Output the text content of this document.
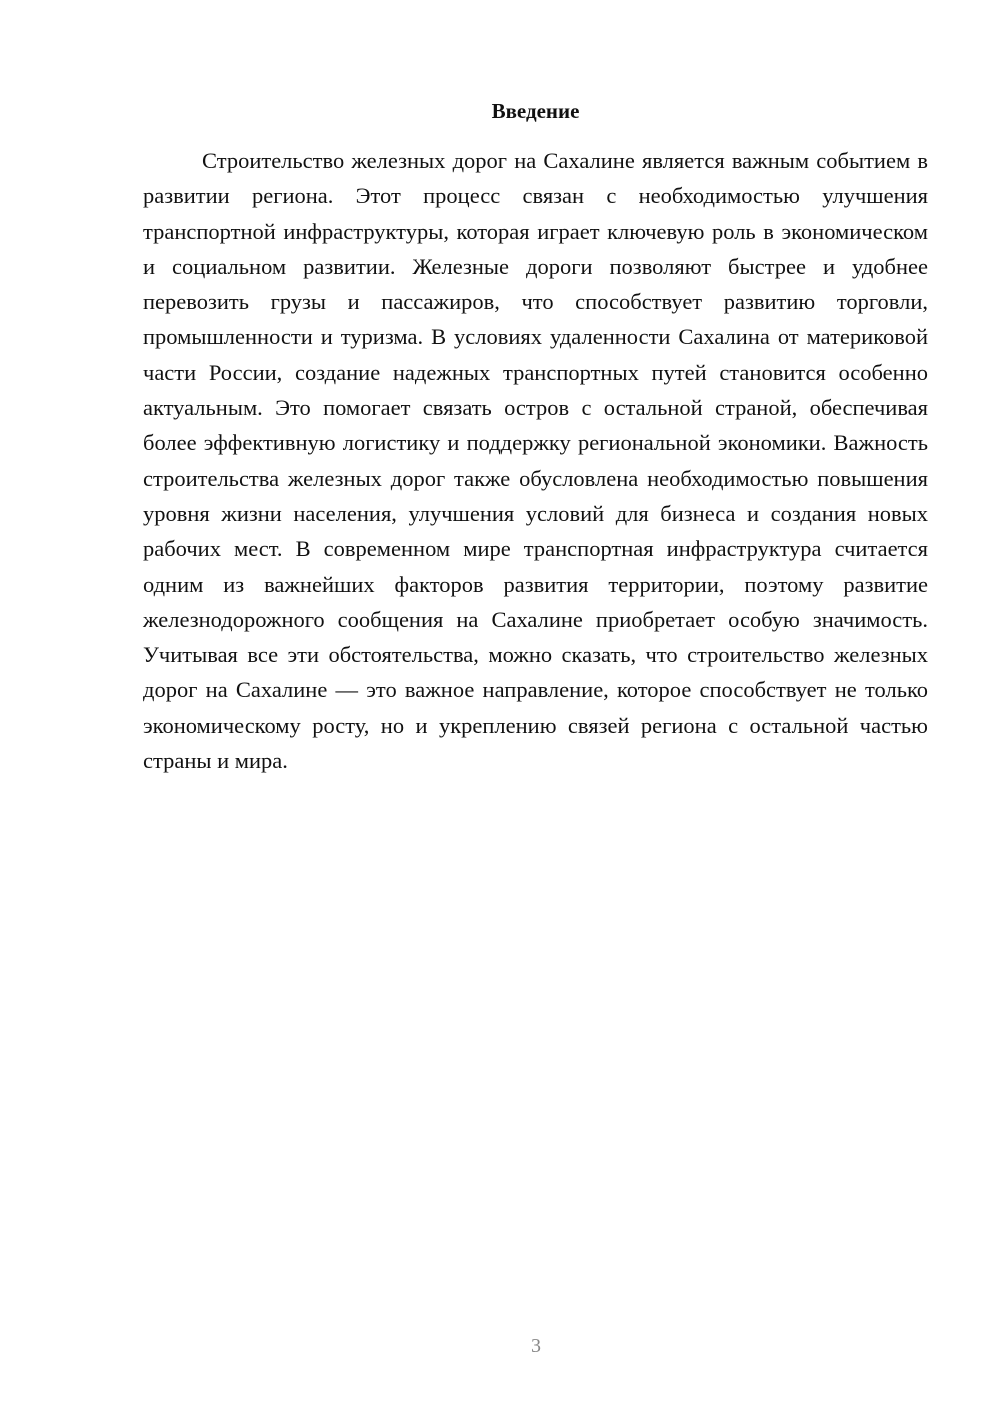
Введение

Строительство железных дорог на Сахалине является важным событием в развитии региона. Этот процесс связан с необходимостью улучшения транспортной инфраструктуры, которая играет ключевую роль в экономическом и социальном развитии. Железные дороги позволяют быстрее и удобнее перевозить грузы и пассажиров, что способствует развитию торговли, промышленности и туризма. В условиях удаленности Сахалина от материковой части России, создание надежных транспортных путей становится особенно актуальным. Это помогает связать остров с остальной страной, обеспечивая более эффективную логистику и поддержку региональной экономики. Важность строительства железных дорог также обусловлена необходимостью повышения уровня жизни населения, улучшения условий для бизнеса и создания новых рабочих мест. В современном мире транспортная инфраструктура считается одним из важнейших факторов развития территории, поэтому развитие железнодорожного сообщения на Сахалине приобретает особую значимость. Учитывая все эти обстоятельства, можно сказать, что строительство железных дорог на Сахалине — это важное направление, которое способствует не только экономическому росту, но и укреплению связей региона с остальной частью страны и мира.

3
